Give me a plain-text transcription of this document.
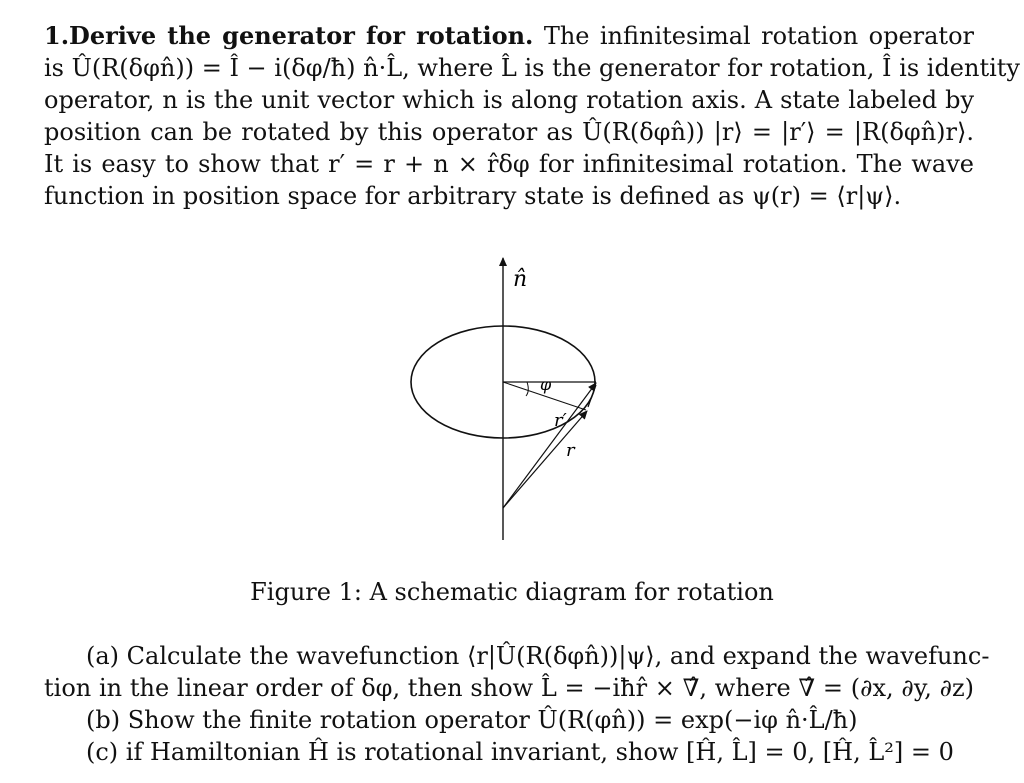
1.Derive the generator for rotation. The infinitesimal rotation operator
is Û(R(δφn̂)) = Î − i(δφ/ħ) n̂·L̂, where L̂ is the generator for rotation, Î is identity
operator, n is the unit vector which is along rotation axis. A state labeled by
position can be rotated by this operator as Û(R(δφn̂)) |r⟩ = |r′⟩ = |R(δφn̂)r⟩.
It is easy to show that r′ = r + n × r̂δφ for infinitesimal rotation. The wave
function in position space for arbitrary state is defined as ψ(r) = ⟨r|ψ⟩.
n̂
φ
r′
r
Figure 1: A schematic diagram for rotation
(a) Calculate the wavefunction ⟨r|Û(R(δφn̂))|ψ⟩, and expand the wavefunc-
tion in the linear order of δφ, then show L̂ = −iħr̂ × ∇̂, where ∇̂ = (∂x, ∂y, ∂z)
(b) Show the finite rotation operator Û(R(φn̂)) = exp(−iφ n̂·L̂/ħ)
(c) if Hamiltonian Ĥ is rotational invariant, show [Ĥ, L̂] = 0, [Ĥ, L̂²] = 0
